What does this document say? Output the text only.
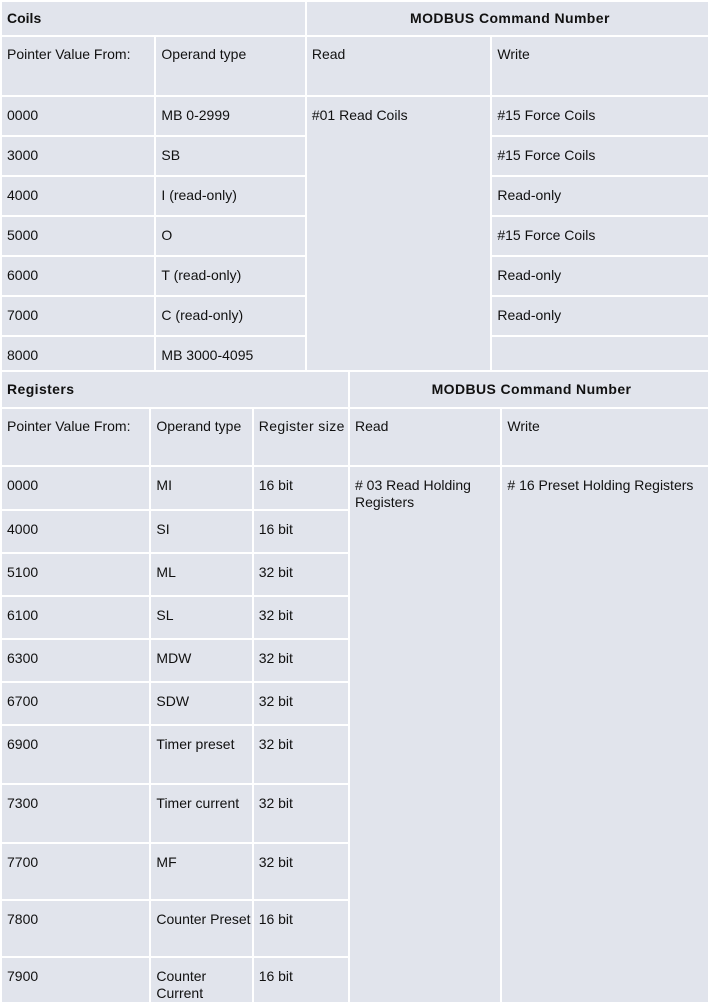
Coils		MODBUS Command Number	
Pointer Value From:	Operand type	Read	Write
0000	MB 0-2999	#01 Read Coils	#15 Force Coils
3000	SB		#15 Force Coils
4000	I (read-only)		Read-only
5000	O		#15 Force Coils
6000	T (read-only)		Read-only
7000	C (read-only)		Read-only
8000	MB 3000-4095		
Registers			MODBUS Command Number	
Pointer Value From:	Operand type	Register size	Read	Write
0000	MI	16 bit	# 03 Read Holding Registers	# 16 Preset Holding Registers
4000	SI	16 bit		
5100	ML	32 bit		
6100	SL	32 bit		
6300	MDW	32 bit		
6700	SDW	32 bit		
6900	Timer preset	32 bit		
7300	Timer current	32 bit		
7700	MF	32 bit		
7800	Counter Preset	16 bit		
7900	Counter Current	16 bit		
